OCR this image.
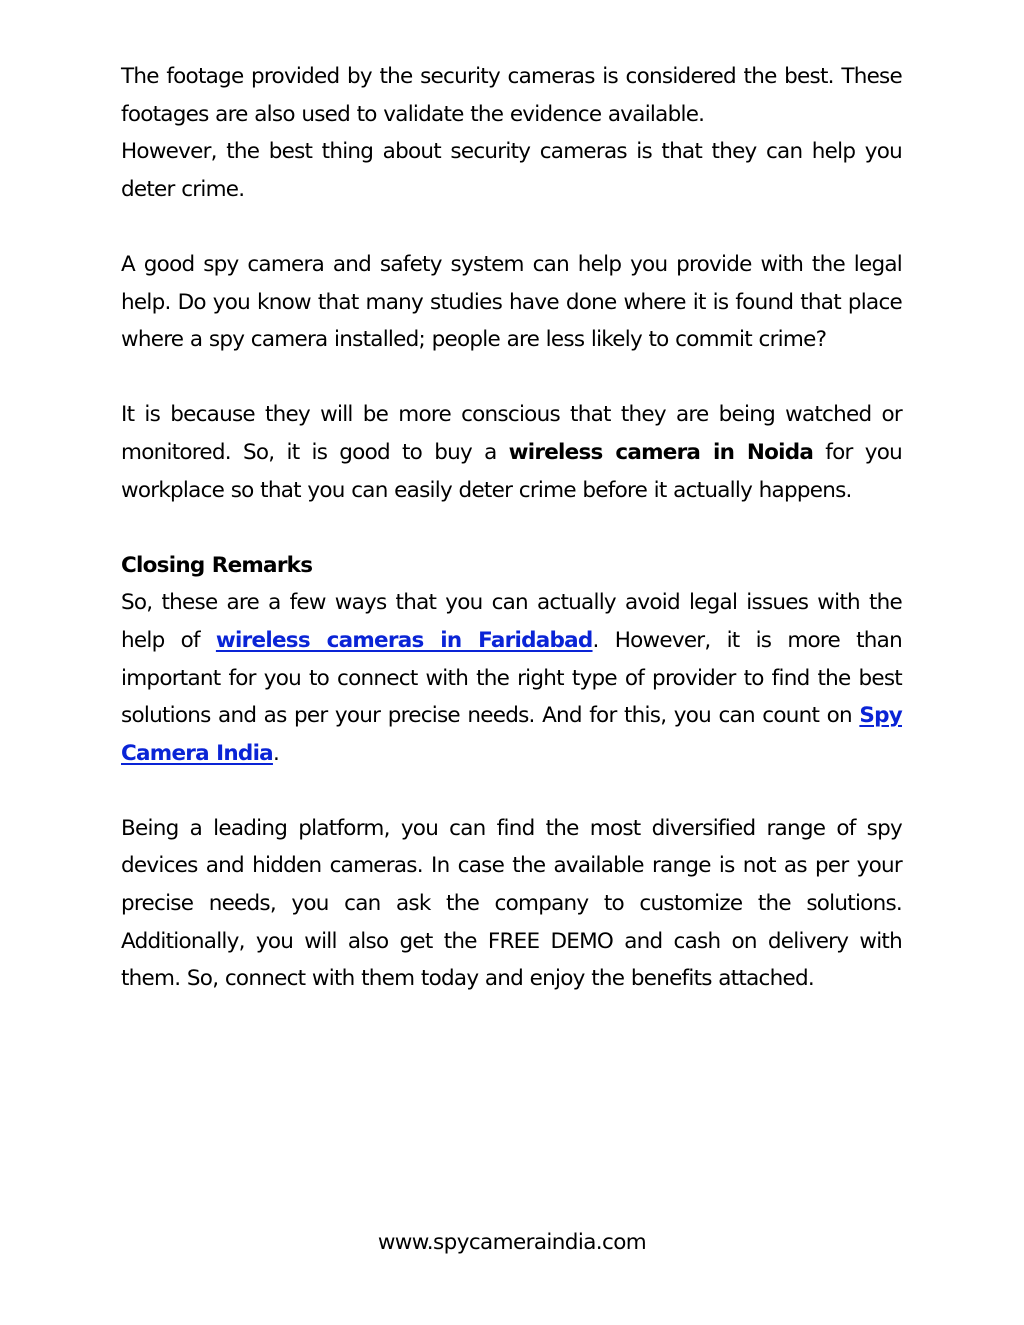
The footage provided by the security cameras is considered the best. These footages are also used to validate the evidence available.

However, the best thing about security cameras is that they can help you deter crime.

A good spy camera and safety system can help you provide with the legal help. Do you know that many studies have done where it is found that place where a spy camera installed; people are less likely to commit crime?

It is because they will be more conscious that they are being watched or monitored. So, it is good to buy a wireless camera in Noida for you workplace so that you can easily deter crime before it actually happens.

Closing Remarks

So, these are a few ways that you can actually avoid legal issues with the help of wireless cameras in Faridabad. However, it is more than important for you to connect with the right type of provider to find the best solutions and as per your precise needs. And for this, you can count on Spy Camera India.

Being a leading platform, you can find the most diversified range of spy devices and hidden cameras. In case the available range is not as per your precise needs, you can ask the company to customize the solutions. Additionally, you will also get the FREE DEMO and cash on delivery with them. So, connect with them today and enjoy the benefits attached.

www.spycameraindia.com
